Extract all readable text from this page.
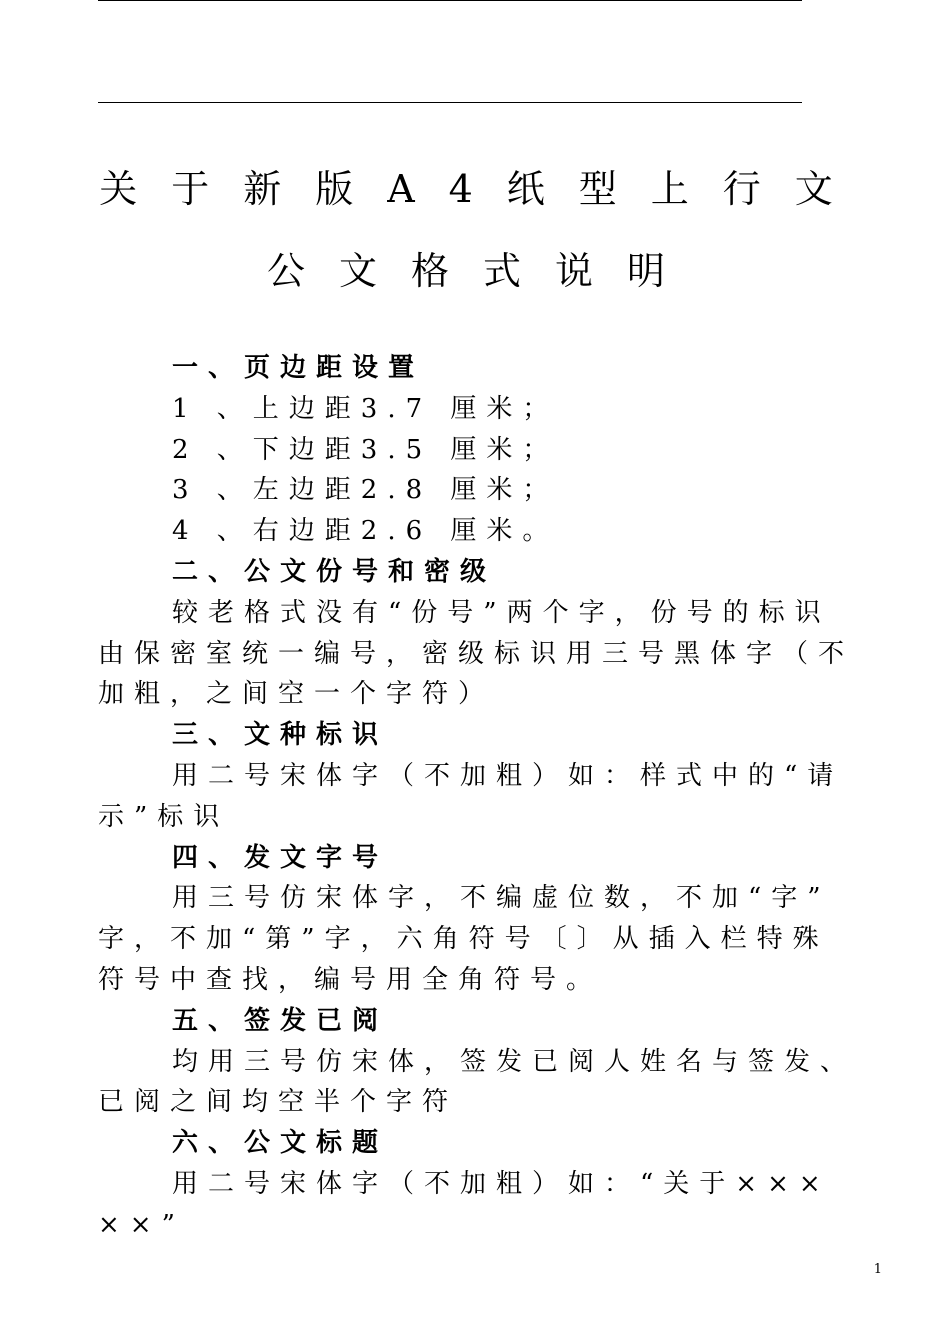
关于新版A4纸型上行文
公文格式说明
一、页边距设置
1 、上边距3.7 厘米；
2 、下边距3.5 厘米；
3 、左边距2.8 厘米；
4 、右边距2.6 厘米。
二、公文份号和密级
较老格式没有“份号”两个字，份号的标识
由保密室统一编号，密级标识用三号黑体字（不
加粗，之间空一个字符）
三、文种标识
用二号宋体字（不加粗）如：样式中的“请
示”标识
四、发文字号
用三号仿宋体字，不编虚位数，不加“字”
字，不加“第”字，六角符号〔〕从插入栏特殊
符号中查找，编号用全角符号。
五、签发已阅
均用三号仿宋体，签发已阅人姓名与签发、
已阅之间均空半个字符
六、公文标题
用二号宋体字（不加粗）如：“关于×××
××”
1
